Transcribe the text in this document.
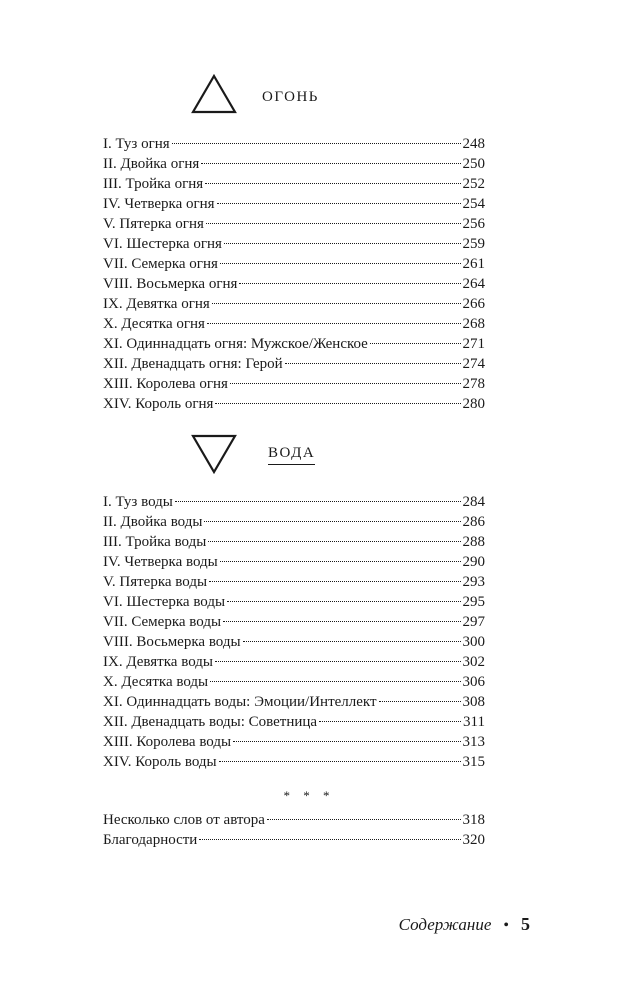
огонь
I. Туз огня	248
II. Двойка огня	250
III. Тройка огня	252
IV. Четверка огня	254
V. Пятерка огня	256
VI. Шестерка огня	259
VII. Семерка огня	261
VIII. Восьмерка огня	264
IX. Девятка огня	266
X. Десятка огня	268
XI. Одиннадцать огня: Мужское/Женское	271
XII. Двенадцать огня: Герой	274
XIII. Королева огня	278
XIV. Король огня	280
вода
I. Туз воды	284
II. Двойка воды	286
III. Тройка воды	288
IV. Четверка воды	290
V. Пятерка воды	293
VI. Шестерка воды	295
VII. Семерка воды	297
VIII. Восьмерка воды	300
IX. Девятка воды	302
X. Десятка воды	306
XI. Одиннадцать воды: Эмоции/Интеллект	308
XII. Двенадцать воды: Советница	311
XIII. Королева воды	313
XIV. Король воды	315
* * *
Несколько слов от автора	318
Благодарности	320
Содержание • 5
